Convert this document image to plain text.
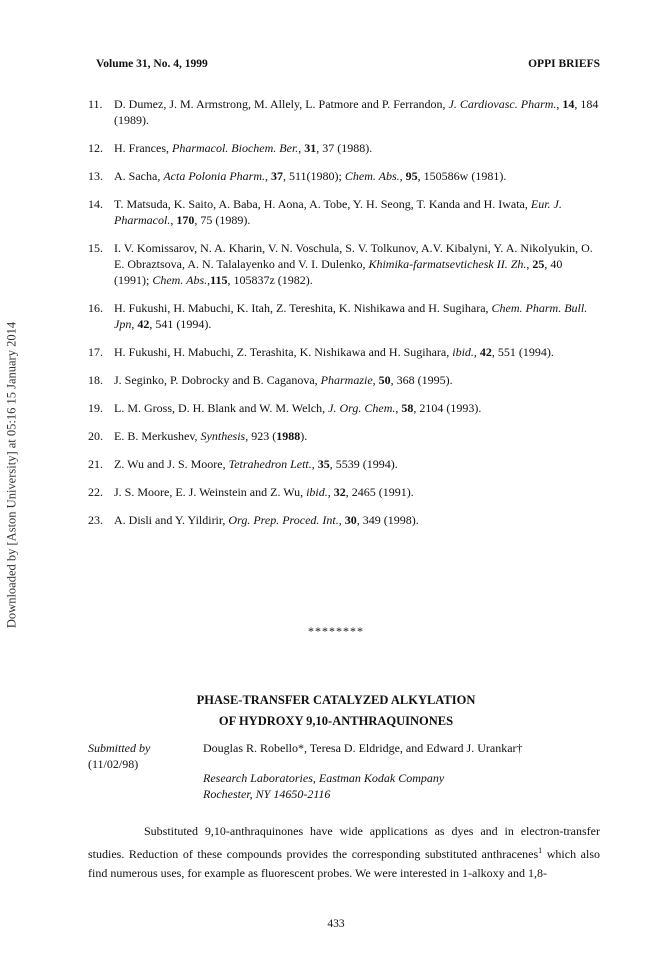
Volume 31, No. 4, 1999	OPPI BRIEFS
Downloaded by [Aston University] at 05:16 15 January 2014
11. D. Dumez, J. M. Armstrong, M. Allely, L. Patmore and P. Ferrandon, J. Cardiovasc. Pharm., 14, 184 (1989).
12. H. Frances, Pharmacol. Biochem. Ber., 31, 37 (1988).
13. A. Sacha, Acta Polonia Pharm., 37, 511(1980); Chem. Abs., 95, 150586w (1981).
14. T. Matsuda, K. Saito, A. Baba, H. Aona, A. Tobe, Y. H. Seong, T. Kanda and H. Iwata, Eur. J. Pharmacol., 170, 75 (1989).
15. I. V. Komissarov, N. A. Kharin, V. N. Voschula, S. V. Tolkunov, A.V. Kibalyni, Y. A. Nikolyukin, O. E. Obraztsova, A. N. Talalayenko and V. I. Dulenko, Khimika-farmatsevtichesk II. Zh., 25, 40 (1991); Chem. Abs.,115, 105837z (1982).
16. H. Fukushi, H. Mabuchi, K. Itah, Z. Tereshita, K. Nishikawa and H. Sugihara, Chem. Pharm. Bull. Jpn, 42, 541 (1994).
17. H. Fukushi, H. Mabuchi, Z. Terashita, K. Nishikawa and H. Sugihara, ibid., 42, 551 (1994).
18. J. Seginko, P. Dobrocky and B. Caganova, Pharmazie, 50, 368 (1995).
19. L. M. Gross, D. H. Blank and W. M. Welch, J. Org. Chem., 58, 2104 (1993).
20. E. B. Merkushev, Synthesis, 923 (1988).
21. Z. Wu and J. S. Moore, Tetrahedron Lett., 35, 5539 (1994).
22. J. S. Moore, E. J. Weinstein and Z. Wu, ibid., 32, 2465 (1991).
23. A. Disli and Y. Yildirir, Org. Prep. Proced. Int., 30, 349 (1998).
********
PHASE-TRANSFER CATALYZED ALKYLATION
OF HYDROXY 9,10-ANTHRAQUINONES
Submitted by
(11/02/98)
Douglas R. Robello*, Teresa D. Eldridge, and Edward J. Urankar†
Research Laboratories, Eastman Kodak Company
Rochester, NY 14650-2116
Substituted 9,10-anthraquinones have wide applications as dyes and in electron-transfer studies. Reduction of these compounds provides the corresponding substituted anthracenes$^1$ which also find numerous uses, for example as fluorescent probes. We were interested in 1-alkoxy and 1,8-
433
